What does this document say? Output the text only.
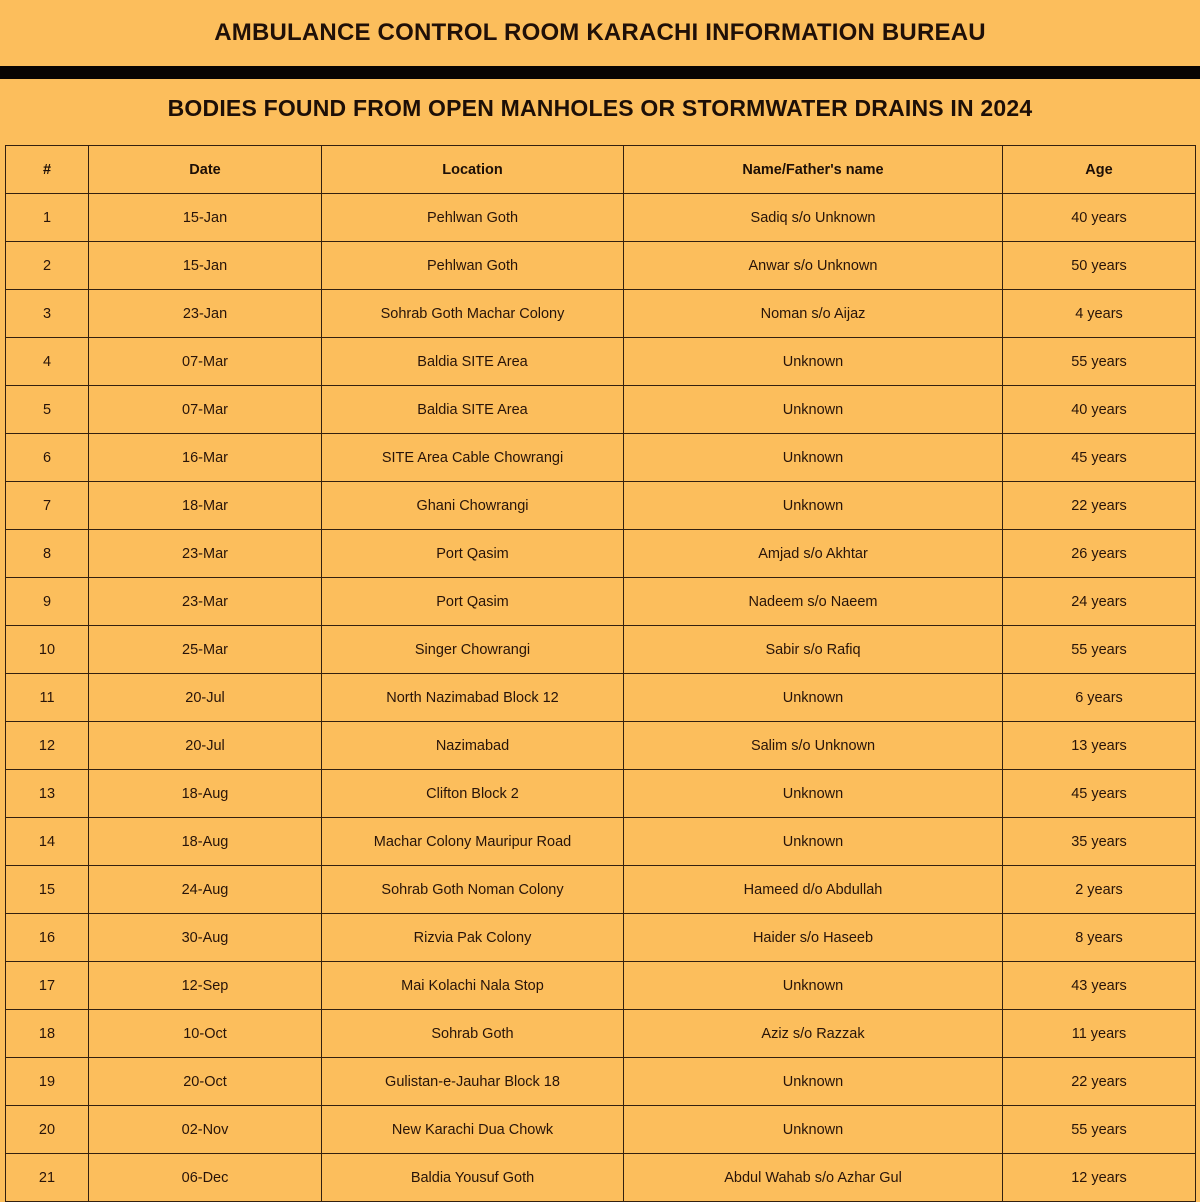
AMBULANCE CONTROL ROOM KARACHI INFORMATION BUREAU
BODIES FOUND FROM OPEN MANHOLES OR STORMWATER DRAINS IN 2024
#	Date	Location	Name/Father's name	Age
1	15-Jan	Pehlwan Goth	Sadiq s/o Unknown	40 years
2	15-Jan	Pehlwan Goth	Anwar s/o Unknown	50 years
3	23-Jan	Sohrab Goth Machar Colony	Noman s/o Aijaz	4 years
4	07-Mar	Baldia SITE Area	Unknown	55 years
5	07-Mar	Baldia SITE Area	Unknown	40 years
6	16-Mar	SITE Area Cable Chowrangi	Unknown	45 years
7	18-Mar	Ghani Chowrangi	Unknown	22 years
8	23-Mar	Port Qasim	Amjad s/o Akhtar	26 years
9	23-Mar	Port Qasim	Nadeem s/o Naeem	24 years
10	25-Mar	Singer Chowrangi	Sabir s/o Rafiq	55 years
11	20-Jul	North Nazimabad Block 12	Unknown	6 years
12	20-Jul	Nazimabad	Salim s/o Unknown	13 years
13	18-Aug	Clifton Block 2	Unknown	45 years
14	18-Aug	Machar Colony Mauripur Road	Unknown	35 years
15	24-Aug	Sohrab Goth Noman Colony	Hameed d/o Abdullah	2 years
16	30-Aug	Rizvia Pak Colony	Haider s/o Haseeb	8 years
17	12-Sep	Mai Kolachi Nala Stop	Unknown	43 years
18	10-Oct	Sohrab Goth	Aziz s/o Razzak	11 years
19	20-Oct	Gulistan-e-Jauhar Block 18	Unknown	22 years
20	02-Nov	New Karachi Dua Chowk	Unknown	55 years
21	06-Dec	Baldia Yousuf Goth	Abdul Wahab s/o Azhar Gul	12 years
